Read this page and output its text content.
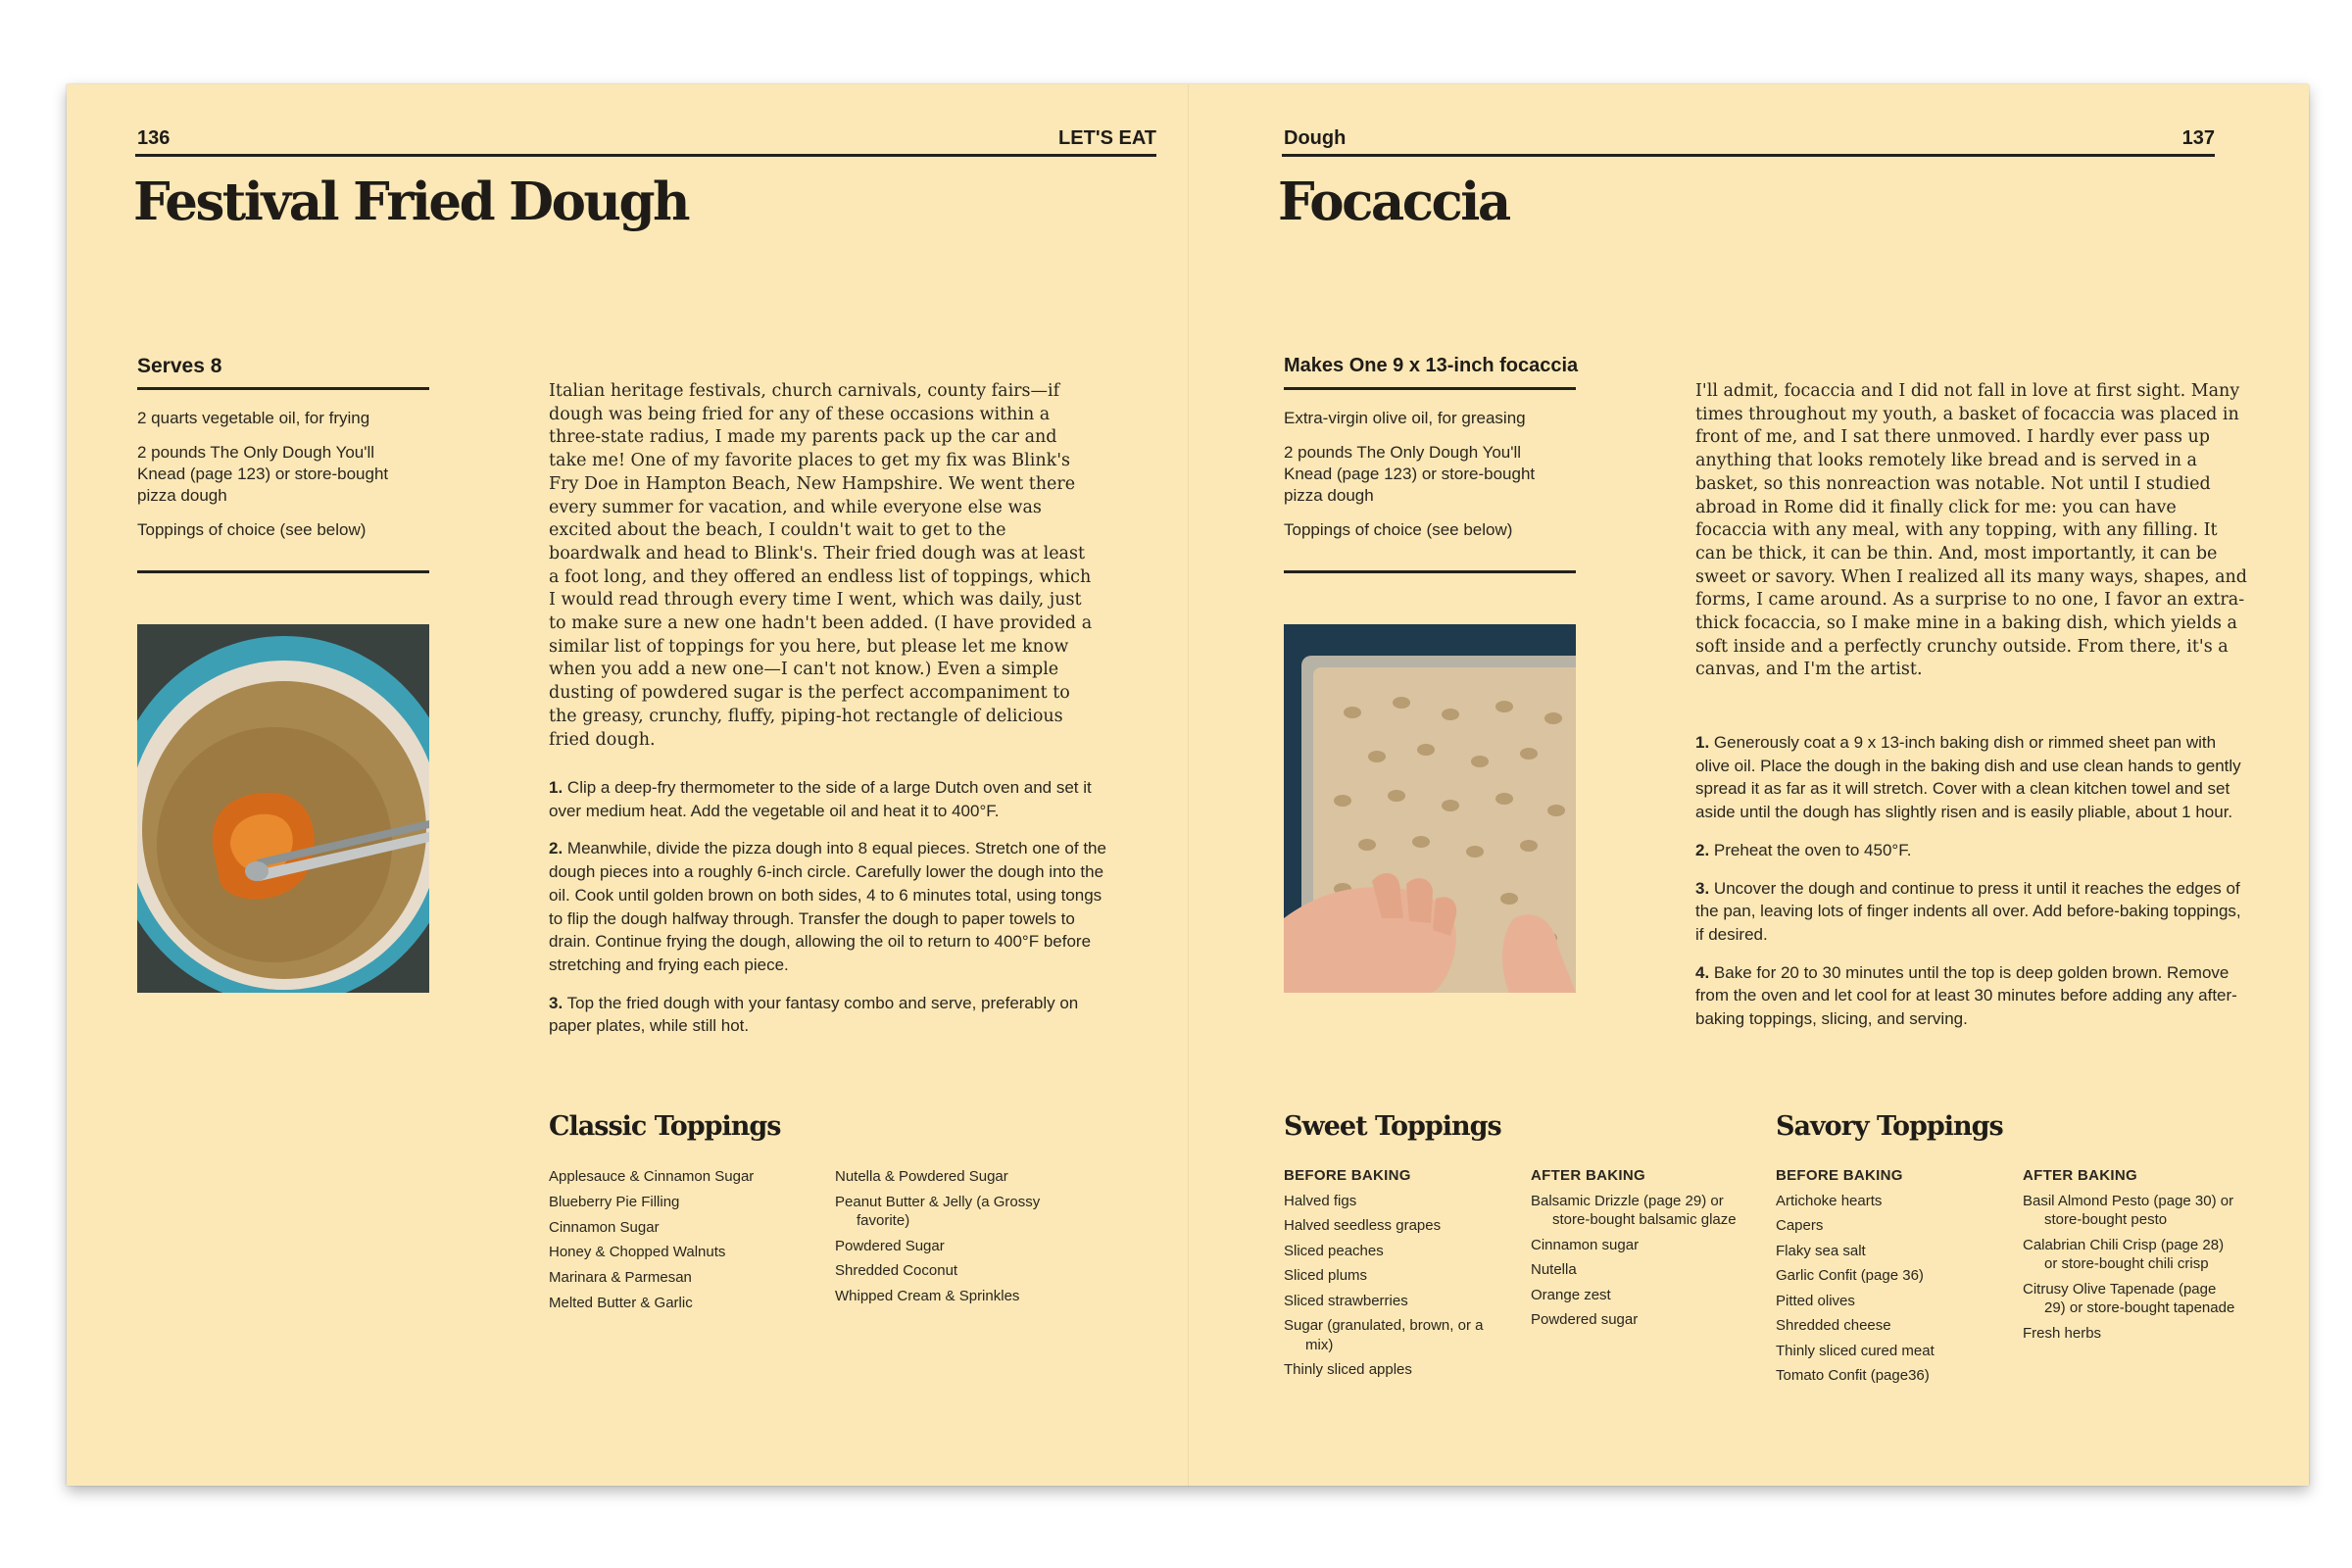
136	LET'S EAT
Festival Fried Dough
Serves 8

2 quarts vegetable oil, for frying

2 pounds The Only Dough You'll Knead (page 123) or store-bought pizza dough

Toppings of choice (see below)

Italian heritage festivals, church carnivals, county fairs—if dough was being fried for any of these occasions within a three-state radius, I made my parents pack up the car and take me! One of my favorite places to get my fix was Blink's Fry Doe in Hampton Beach, New Hampshire. We went there every summer for vacation, and while everyone else was excited about the beach, I couldn't wait to get to the boardwalk and head to Blink's. Their fried dough was at least a foot long, and they offered an endless list of toppings, which I would read through every time I went, which was daily, just to make sure a new one hadn't been added. (I have provided a similar list of toppings for you here, but please let me know when you add a new one—I can't not know.) Even a simple dusting of powdered sugar is the perfect accompaniment to the greasy, crunchy, fluffy, piping-hot rectangle of delicious fried dough.

1. Clip a deep-fry thermometer to the side of a large Dutch oven and set it over medium heat. Add the vegetable oil and heat it to 400°F.

2. Meanwhile, divide the pizza dough into 8 equal pieces. Stretch one of the dough pieces into a roughly 6-inch circle. Carefully lower the dough into the oil. Cook until golden brown on both sides, 4 to 6 minutes total, using tongs to flip the dough halfway through. Transfer the dough to paper towels to drain. Continue frying the dough, allowing the oil to return to 400°F before stretching and frying each piece.

3. Top the fried dough with your fantasy combo and serve, preferably on paper plates, while still hot.

Classic Toppings
Applesauce & Cinnamon Sugar
Blueberry Pie Filling
Cinnamon Sugar
Honey & Chopped Walnuts
Marinara & Parmesan
Melted Butter & Garlic
Nutella & Powdered Sugar
Peanut Butter & Jelly (a Grossy favorite)
Powdered Sugar
Shredded Coconut
Whipped Cream & Sprinkles
Dough	137
Focaccia
Makes One 9 x 13-inch focaccia

Extra-virgin olive oil, for greasing

2 pounds The Only Dough You'll Knead (page 123) or store-bought pizza dough

Toppings of choice (see below)

I'll admit, focaccia and I did not fall in love at first sight. Many times throughout my youth, a basket of focaccia was placed in front of me, and I sat there unmoved. I hardly ever pass up anything that looks remotely like bread and is served in a basket, so this nonreaction was notable. Not until I studied abroad in Rome did it finally click for me: you can have focaccia with any meal, with any topping, with any filling. It can be thick, it can be thin. And, most importantly, it can be sweet or savory. When I realized all its many ways, shapes, and forms, I came around. As a surprise to no one, I favor an extra-thick focaccia, so I make mine in a baking dish, which yields a soft inside and a perfectly crunchy outside. From there, it's a canvas, and I'm the artist.

1. Generously coat a 9 x 13-inch baking dish or rimmed sheet pan with olive oil. Place the dough in the baking dish and use clean hands to gently spread it as far as it will stretch. Cover with a clean kitchen towel and set aside until the dough has slightly risen and is easily pliable, about 1 hour.

2. Preheat the oven to 450°F.

3. Uncover the dough and continue to press it until it reaches the edges of the pan, leaving lots of finger indents all over. Add before-baking toppings, if desired.

4. Bake for 20 to 30 minutes until the top is deep golden brown. Remove from the oven and let cool for at least 30 minutes before adding any after-baking toppings, slicing, and serving.

Sweet Toppings
BEFORE BAKING
Halved figs
Halved seedless grapes
Sliced peaches
Sliced plums
Sliced strawberries
Sugar (granulated, brown, or a mix)
Thinly sliced apples
AFTER BAKING
Balsamic Drizzle (page 29) or store-bought balsamic glaze
Cinnamon sugar
Nutella
Orange zest
Powdered sugar
Savory Toppings
BEFORE BAKING
Artichoke hearts
Capers
Flaky sea salt
Garlic Confit (page 36)
Pitted olives
Shredded cheese
Thinly sliced cured meat
Tomato Confit (page36)
AFTER BAKING
Basil Almond Pesto (page 30) or store-bought pesto
Calabrian Chili Crisp (page 28) or store-bought chili crisp
Citrusy Olive Tapenade (page 29) or store-bought tapenade
Fresh herbs
